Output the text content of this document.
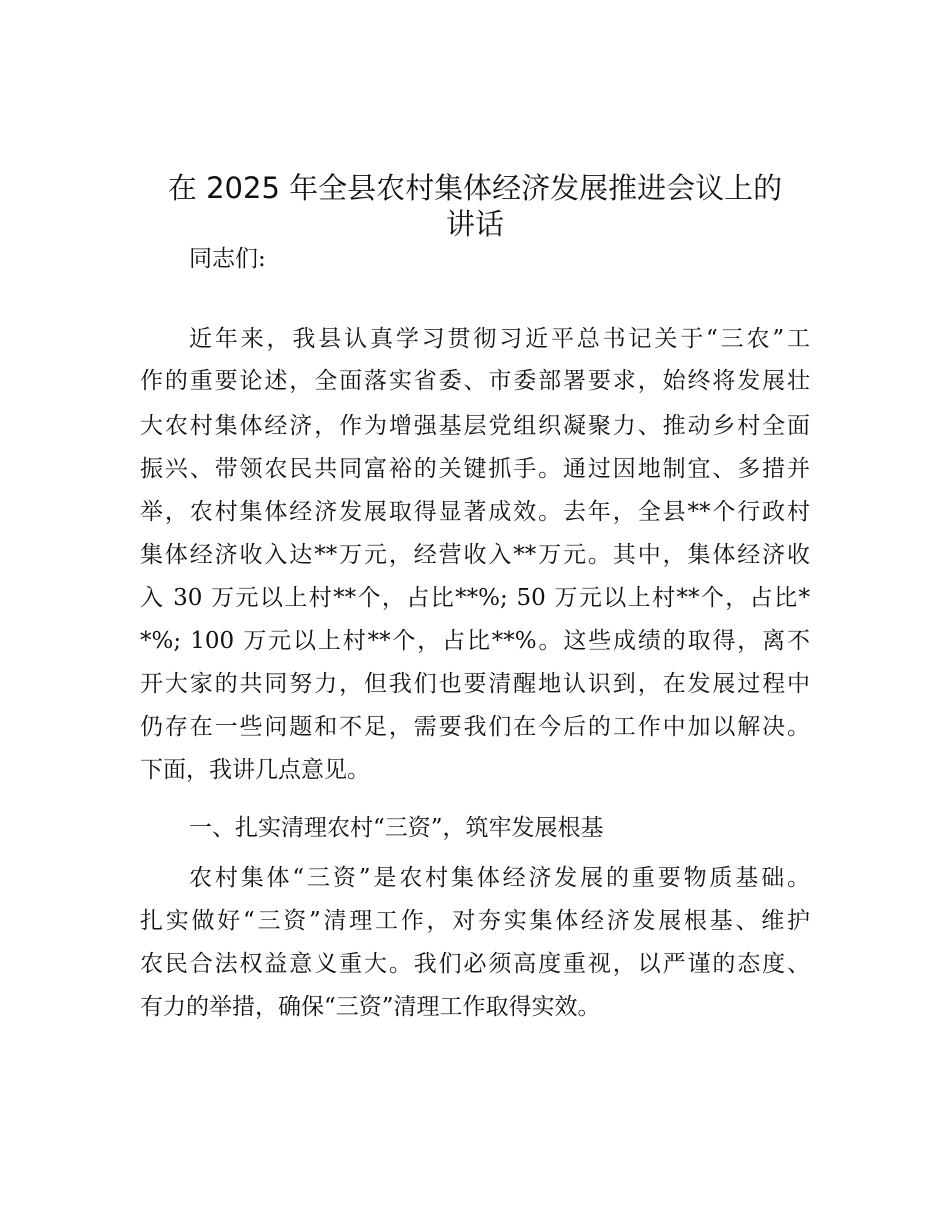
在 2025 年全县农村集体经济发展推进会议上的
讲话
同志们:
近年来，我县认真学习贯彻习近平总书记关于“三农”工
作的重要论述，全面落实省委、市委部署要求，始终将发展壮
大农村集体经济，作为增强基层党组织凝聚力、推动乡村全面
振兴、带领农民共同富裕的关键抓手。通过因地制宜、多措并
举，农村集体经济发展取得显著成效。去年，全县**个行政村
集体经济收入达**万元，经营收入**万元。其中，集体经济收
入 30 万元以上村**个，占比**%; 50 万元以上村**个，占比*
*%; 100 万元以上村**个，占比**%。这些成绩的取得，离不
开大家的共同努力，但我们也要清醒地认识到，在发展过程中
仍存在一些问题和不足，需要我们在今后的工作中加以解决。
下面，我讲几点意见。
一、扎实清理农村“三资”，筑牢发展根基
农村集体“三资”是农村集体经济发展的重要物质基础。
扎实做好“三资”清理工作，对夯实集体经济发展根基、维护
农民合法权益意义重大。我们必须高度重视，以严谨的态度、
有力的举措，确保“三资”清理工作取得实效。
